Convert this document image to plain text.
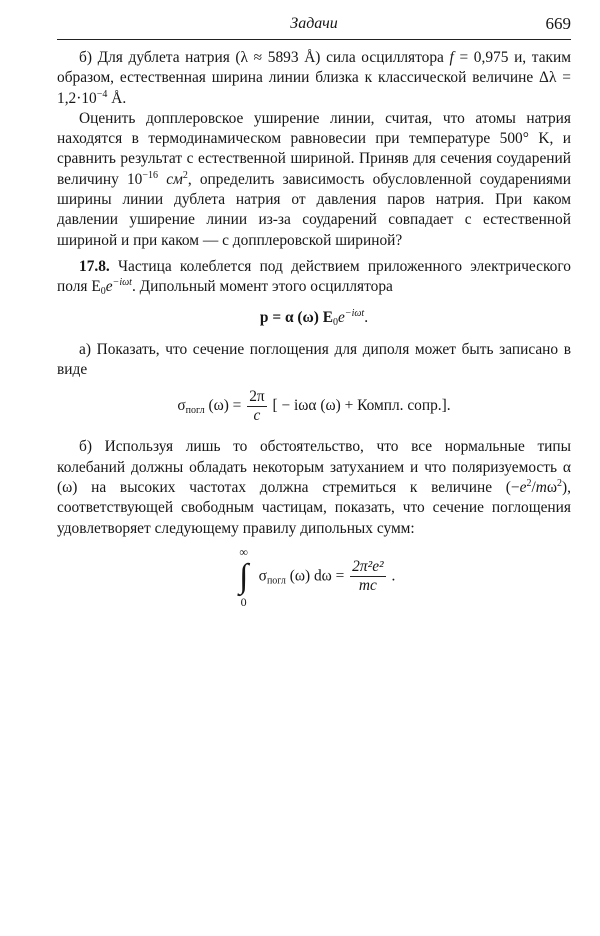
Задачи	669

б) Для дублета натрия (λ ≈ 5893 Å) сила осциллятора f = 0,975 и, таким образом, естественная ширина линии близка к классической величине $\Delta\lambda = 1,2\cdot 10^{-4}$ Å.

Оценить допплеровское уширение линии, считая, что атомы натрия находятся в термодинамическом равновесии при температуре 500° K, и сравнить результат с естественной шириной. Приняв для сечения соударений величину $10^{-16}$ $см^2$, определить зависимость обусловленной соударениями ширины линии дублета натрия от давления паров натрия. При каком давлении уширение линии из-за соударений совпадает с естественной шириной и при каком — с допплеровской шириной?

17.8. Частица колеблется под действием приложенного электрического поля $E_0e^{-i\omega t}$. Дипольный момент этого осциллятора

p = α (ω) $E_0e^{-i\omega t}$.

а) Показать, что сечение поглощения для диполя может быть записано в виде

$\sigma_{погл}$ $(\omega) = \frac{2\pi}{c}$ [ − iωα (ω) + Компл. сопр.].

б) Используя лишь то обстоятельство, что все нормальные типы колебаний должны обладать некоторым затуханием и что поляризуемость α (ω) на высоких частотах должна стремиться к величине $(-e^2/m\omega^2)$, соответствующей свободным частицам, показать, что сечение поглощения удовлетворяет следующему правилу дипольных сумм:

∞
∫
0
$\sigma_{погл}$ (ω) $d\omega = \frac{\text{2π²e²}}{mc}$ .
